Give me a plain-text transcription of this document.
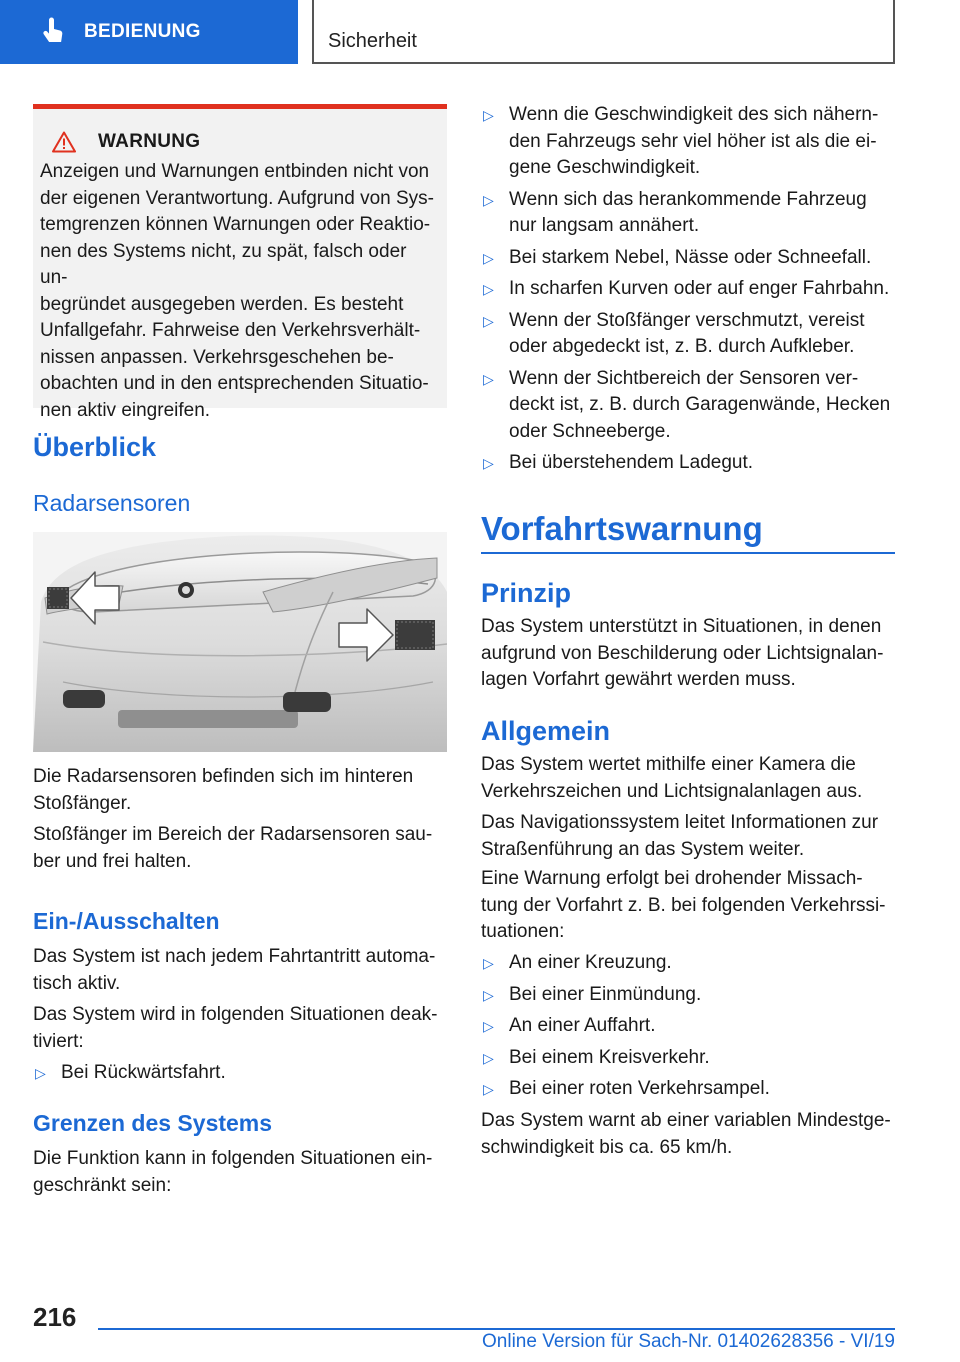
BEDIENUNG	Sicherheit
WARNUNG

Anzeigen und Warnungen entbinden nicht von
der eigenen Verantwortung. Aufgrund von Sys-
temgrenzen können Warnungen oder Reaktio-
nen des Systems nicht, zu spät, falsch oder un-
begründet ausgegeben werden. Es besteht
Unfallgefahr. Fahrweise den Verkehrsverhält-
nissen anpassen. Verkehrsgeschehen be-
obachten und in den entsprechenden Situatio-
nen aktiv eingreifen.

Überblick
Radarsensoren
Die Radarsensoren befinden sich im hinteren
Stoßfänger.
Stoßfänger im Bereich der Radarsensoren sau-
ber und frei halten.
Ein-/Ausschalten
Das System ist nach jedem Fahrtantritt automa-
tisch aktiv.
Das System wird in folgenden Situationen deak-
tiviert:
▷ Bei Rückwärtsfahrt.
Grenzen des Systems
Die Funktion kann in folgenden Situationen ein-
geschränkt sein:
▷ Wenn die Geschwindigkeit des sich nähern-
den Fahrzeugs sehr viel höher ist als die ei-
gene Geschwindigkeit.
▷ Wenn sich das herankommende Fahrzeug
nur langsam annähert.
▷ Bei starkem Nebel, Nässe oder Schneefall.
▷ In scharfen Kurven oder auf enger Fahrbahn.
▷ Wenn der Stoßfänger verschmutzt, vereist
oder abgedeckt ist, z. B. durch Aufkleber.
▷ Wenn der Sichtbereich der Sensoren ver-
deckt ist, z. B. durch Garagenwände, Hecken
oder Schneeberge.
▷ Bei überstehendem Ladegut.
Vorfahrtswarnung
Prinzip
Das System unterstützt in Situationen, in denen
aufgrund von Beschilderung oder Lichtsignalan-
lagen Vorfahrt gewährt werden muss.
Allgemein
Das System wertet mithilfe einer Kamera die
Verkehrszeichen und Lichtsignalanlagen aus.
Das Navigationssystem leitet Informationen zur
Straßenführung an das System weiter.
Eine Warnung erfolgt bei drohender Missach-
tung der Vorfahrt z. B. bei folgenden Verkehrssi-
tuationen:
▷ An einer Kreuzung.
▷ Bei einer Einmündung.
▷ An einer Auffahrt.
▷ Bei einem Kreisverkehr.
▷ Bei einer roten Verkehrsampel.
Das System warnt ab einer variablen Mindestge-
schwindigkeit bis ca. 65 km/h.
216
Online Version für Sach-Nr. 01402628356 - VI/19
